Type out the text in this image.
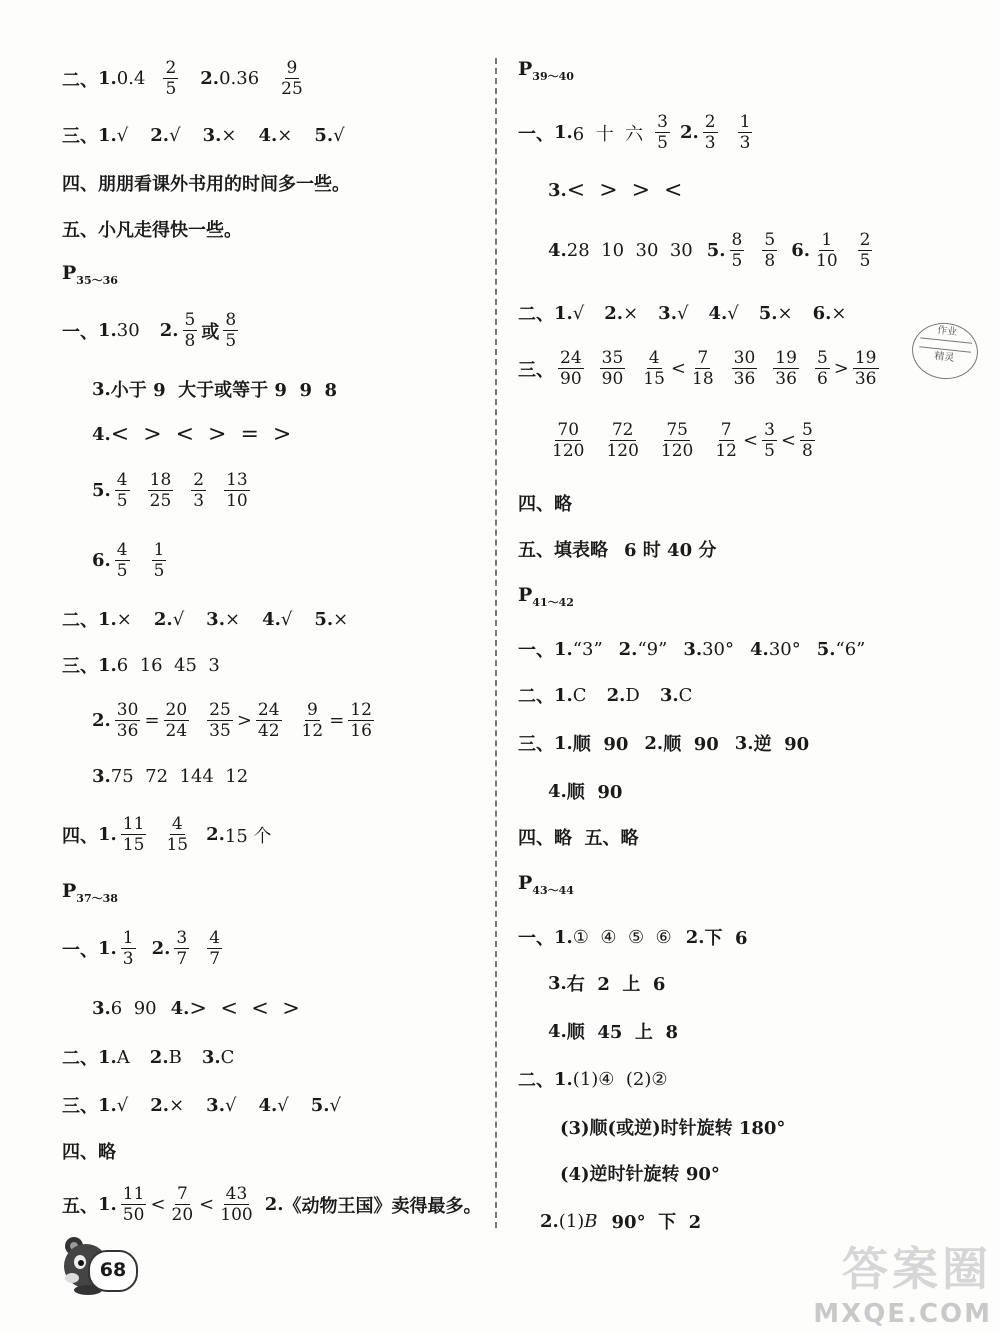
二、 1. $0.4 \frac{2}{5} 2$. $0.36 \frac{9}{25}$
三、 1. √ 2. √ 3. × 4. × 5. √
四、朋朋看课外书用的时间多一些。
五、小凡走得快一些。
$P_{35\sim 36}$
一、 1. 30 2. $\frac{5}{8}$ 或 $\frac{8}{5}$
3. 小于 9  大于或等于 9  9  8
4. <  >  <  >  =  >
5. $\frac{4}{5} \frac{18}{25} \frac{2}{3} \frac{13}{10}$
6. $\frac{4}{5} \frac{1}{5}$
二、 1. × 2. √ 3. × 4. √ 5. ×
三、 1. 6  16  45  3
2. $\frac{30}{36} = \frac{20}{24} \frac{25}{35} > \frac{24}{42} \frac{9}{12} = \frac{12}{16}$
3. 75  72  144  12
四、 1. $\frac{11}{15} \frac{4}{15} 2$. 15 个
$P_{37\sim 38}$
一、 1. $\frac{1}{3} 2$. $\frac{3}{7} \frac{4}{7}$
3. 6  90 4. >  <  <  >
二、 1. A 2. B 3. C
三、 1. √ 2. × 3. √ 4. √ 5. √
四、略
五、 1. $\frac{11}{50} < \frac{7}{20} < \frac{43}{100} 2$. 《动物王国》卖得最多。
68
$P_{39\sim 40}$
一、 1. 6  十  六 $\frac{3}{5} 2$. $\frac{2}{3} \frac{1}{3}$
3. <  >  >  <
4. 28  10  30  30 5. $\frac{8}{5} \frac{5}{8} 6$. $\frac{1}{10} \frac{2}{5}$
二、 1. √ 2. × 3. √ 4. √ 5. × 6. ×
作业

精灵
三、 $\frac{24}{90} \frac{35}{90} \frac{4}{15} < \frac{7}{18} \frac{30}{36} \frac{19}{36} \frac{5}{6} > \frac{19}{36}$
$\frac{70}{120} \frac{72}{120} \frac{75}{120} \frac{7}{12} < \frac{3}{5} < \frac{5}{8}$
四、略
五、填表略 6 时 40 分
$P_{41\sim 42}$
一、 1. “3” 2. “9” 3. 30° 4. 30° 5. “6”
二、 1. C 2. D 3. C
三、 1. 顺  90 2. 顺  90 3. 逆  90
4. 顺  90
四、略  五、略
$P_{43\sim 44}$
一、 1. ①  ④  ⑤  ⑥ 2. 下  6
3. 右  2  上  6
4. 顺  45  上  8
二、 1. (1)④  (2)②
(3)顺(或逆)时针旋转 180°
(4)逆时针旋转 90°
2. (1) B 90°  下  2
答案圈
MXQE.COM
